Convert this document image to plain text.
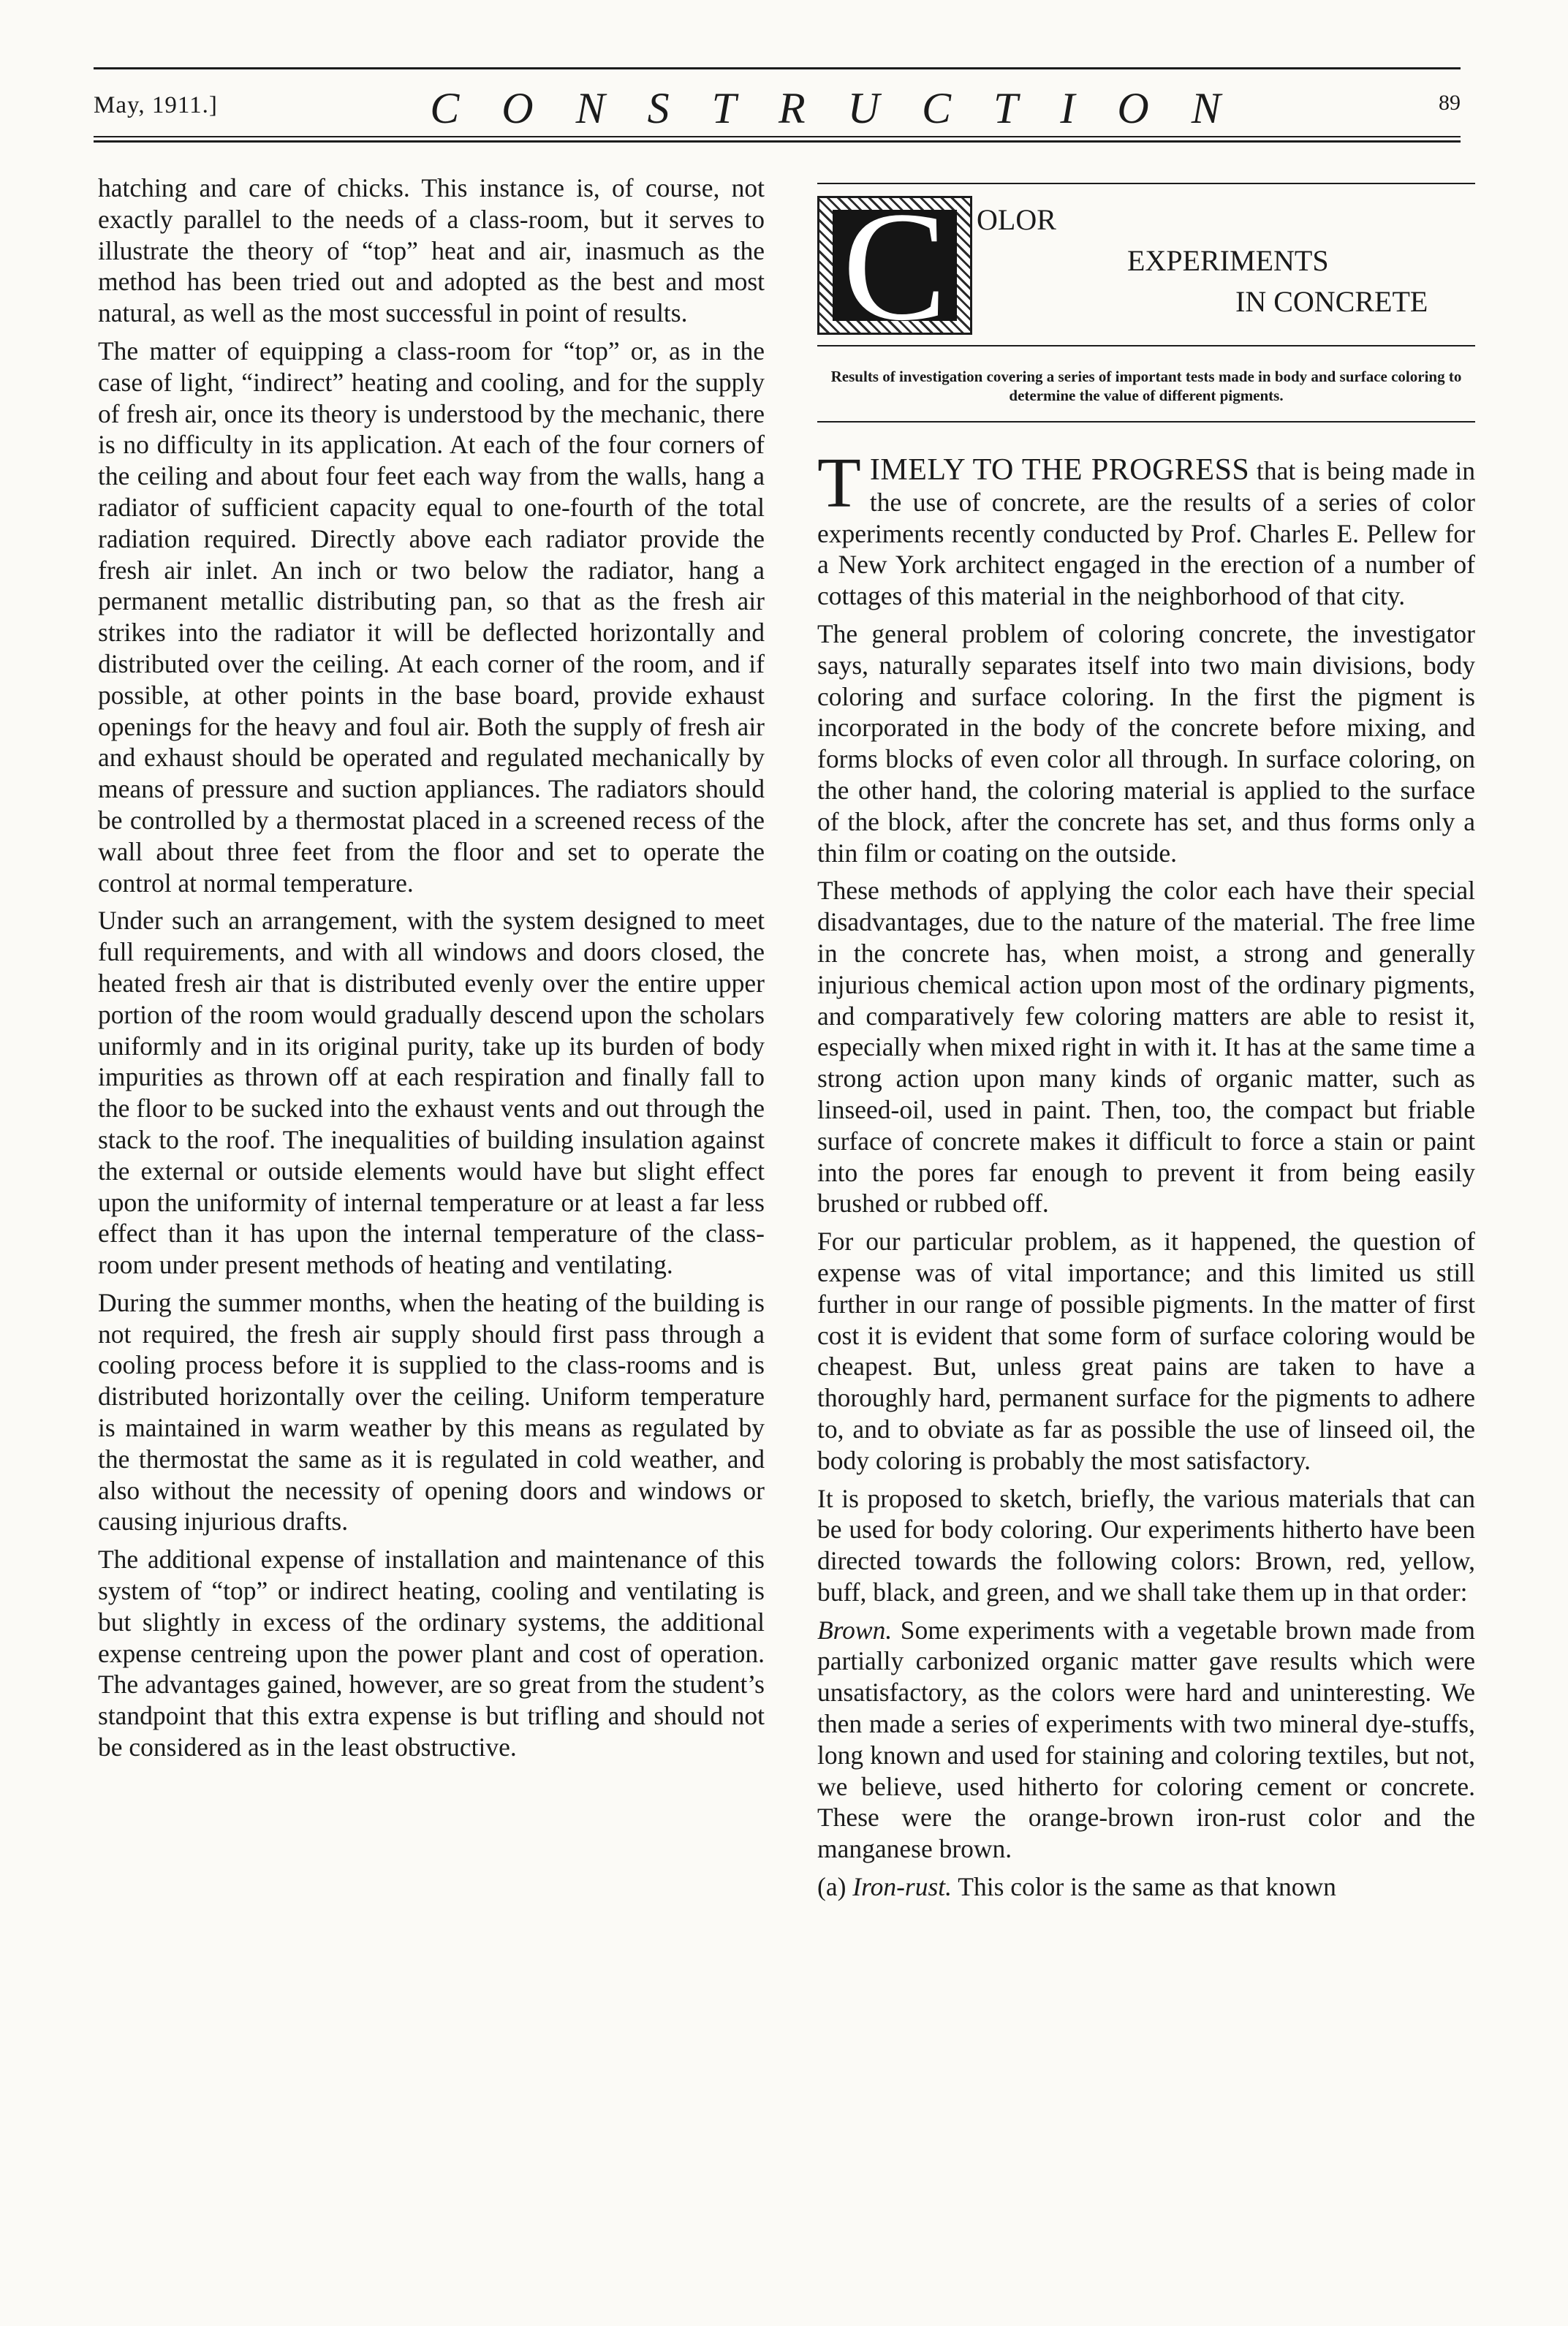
May, 1911.]	CONSTRUCTION	89

hatching and care of chicks. This instance is, of course, not exactly parallel to the needs of a class-room, but it serves to illustrate the theory of “top” heat and air, inasmuch as the method has been tried out and adopted as the best and most natural, as well as the most successful in point of results.

The matter of equipping a class-room for “top” or, as in the case of light, “indirect” heating and cooling, and for the supply of fresh air, once its theory is understood by the mechanic, there is no difficulty in its application. At each of the four corners of the ceiling and about four feet each way from the walls, hang a radiator of sufficient capacity equal to one-fourth of the total radiation required. Directly above each radiator provide the fresh air inlet. An inch or two below the radiator, hang a permanent metallic distributing pan, so that as the fresh air strikes into the radiator it will be deflected horizontally and distributed over the ceiling. At each corner of the room, and if possible, at other points in the base board, provide exhaust openings for the heavy and foul air. Both the supply of fresh air and exhaust should be operated and regulated mechanically by means of pressure and suction appliances. The radiators should be controlled by a thermostat placed in a screened recess of the wall about three feet from the floor and set to operate the control at normal temperature.

Under such an arrangement, with the system designed to meet full requirements, and with all windows and doors closed, the heated fresh air that is distributed evenly over the entire upper portion of the room would gradually descend upon the scholars uniformly and in its original purity, take up its burden of body impurities as thrown off at each respiration and finally fall to the floor to be sucked into the exhaust vents and out through the stack to the roof. The inequalities of building insulation against the external or outside elements would have but slight effect upon the uniformity of internal temperature or at least a far less effect than it has upon the internal temperature of the class-room under present methods of heating and ventilating.

During the summer months, when the heating of the building is not required, the fresh air supply should first pass through a cooling process before it is supplied to the class-rooms and is distributed horizontally over the ceiling. Uniform temperature is maintained in warm weather by this means as regulated by the thermostat the same as it is regulated in cold weather, and also without the necessity of opening doors and windows or causing injurious drafts.

The additional expense of installation and maintenance of this system of “top” or indirect heating, cooling and ventilating is but slightly in excess of the ordinary systems, the additional expense centreing upon the power plant and cost of operation. The advantages gained, however, are so great from the student’s standpoint that this extra expense is but trifling and should not be considered as in the least obstructive.

C	OLOR
EXPERIMENTS
IN CONCRETE
Results of investigation covering a series of important tests made in body and surface coloring to determine the value of different pigments.

TIMELY TO THE PROGRESS that is being made in the use of concrete, are the results of a series of color experiments recently conducted by Prof. Charles E. Pellew for a New York architect engaged in the erection of a number of cottages of this material in the neighborhood of that city.

The general problem of coloring concrete, the investigator says, naturally separates itself into two main divisions, body coloring and surface coloring. In the first the pigment is incorporated in the body of the concrete before mixing, and forms blocks of even color all through. In surface coloring, on the other hand, the coloring material is applied to the surface of the block, after the concrete has set, and thus forms only a thin film or coating on the outside.

These methods of applying the color each have their special disadvantages, due to the nature of the material. The free lime in the concrete has, when moist, a strong and generally injurious chemical action upon most of the ordinary pigments, and comparatively few coloring matters are able to resist it, especially when mixed right in with it. It has at the same time a strong action upon many kinds of organic matter, such as linseed-oil, used in paint. Then, too, the compact but friable surface of concrete makes it difficult to force a stain or paint into the pores far enough to prevent it from being easily brushed or rubbed off.

For our particular problem, as it happened, the question of expense was of vital importance; and this limited us still further in our range of possible pigments. In the matter of first cost it is evident that some form of surface coloring would be cheapest. But, unless great pains are taken to have a thoroughly hard, permanent surface for the pigments to adhere to, and to obviate as far as possible the use of linseed oil, the body coloring is probably the most satisfactory.

It is proposed to sketch, briefly, the various materials that can be used for body coloring. Our experiments hitherto have been directed towards the following colors: Brown, red, yellow, buff, black, and green, and we shall take them up in that order:

Brown. Some experiments with a vegetable brown made from partially carbonized organic matter gave results which were unsatisfactory, as the colors were hard and uninteresting. We then made a series of experiments with two mineral dye-stuffs, long known and used for staining and coloring textiles, but not, we believe, used hitherto for coloring cement or concrete. These were the orange-brown iron-rust color and the manganese brown.

(a) Iron-rust. This color is the same as that known
